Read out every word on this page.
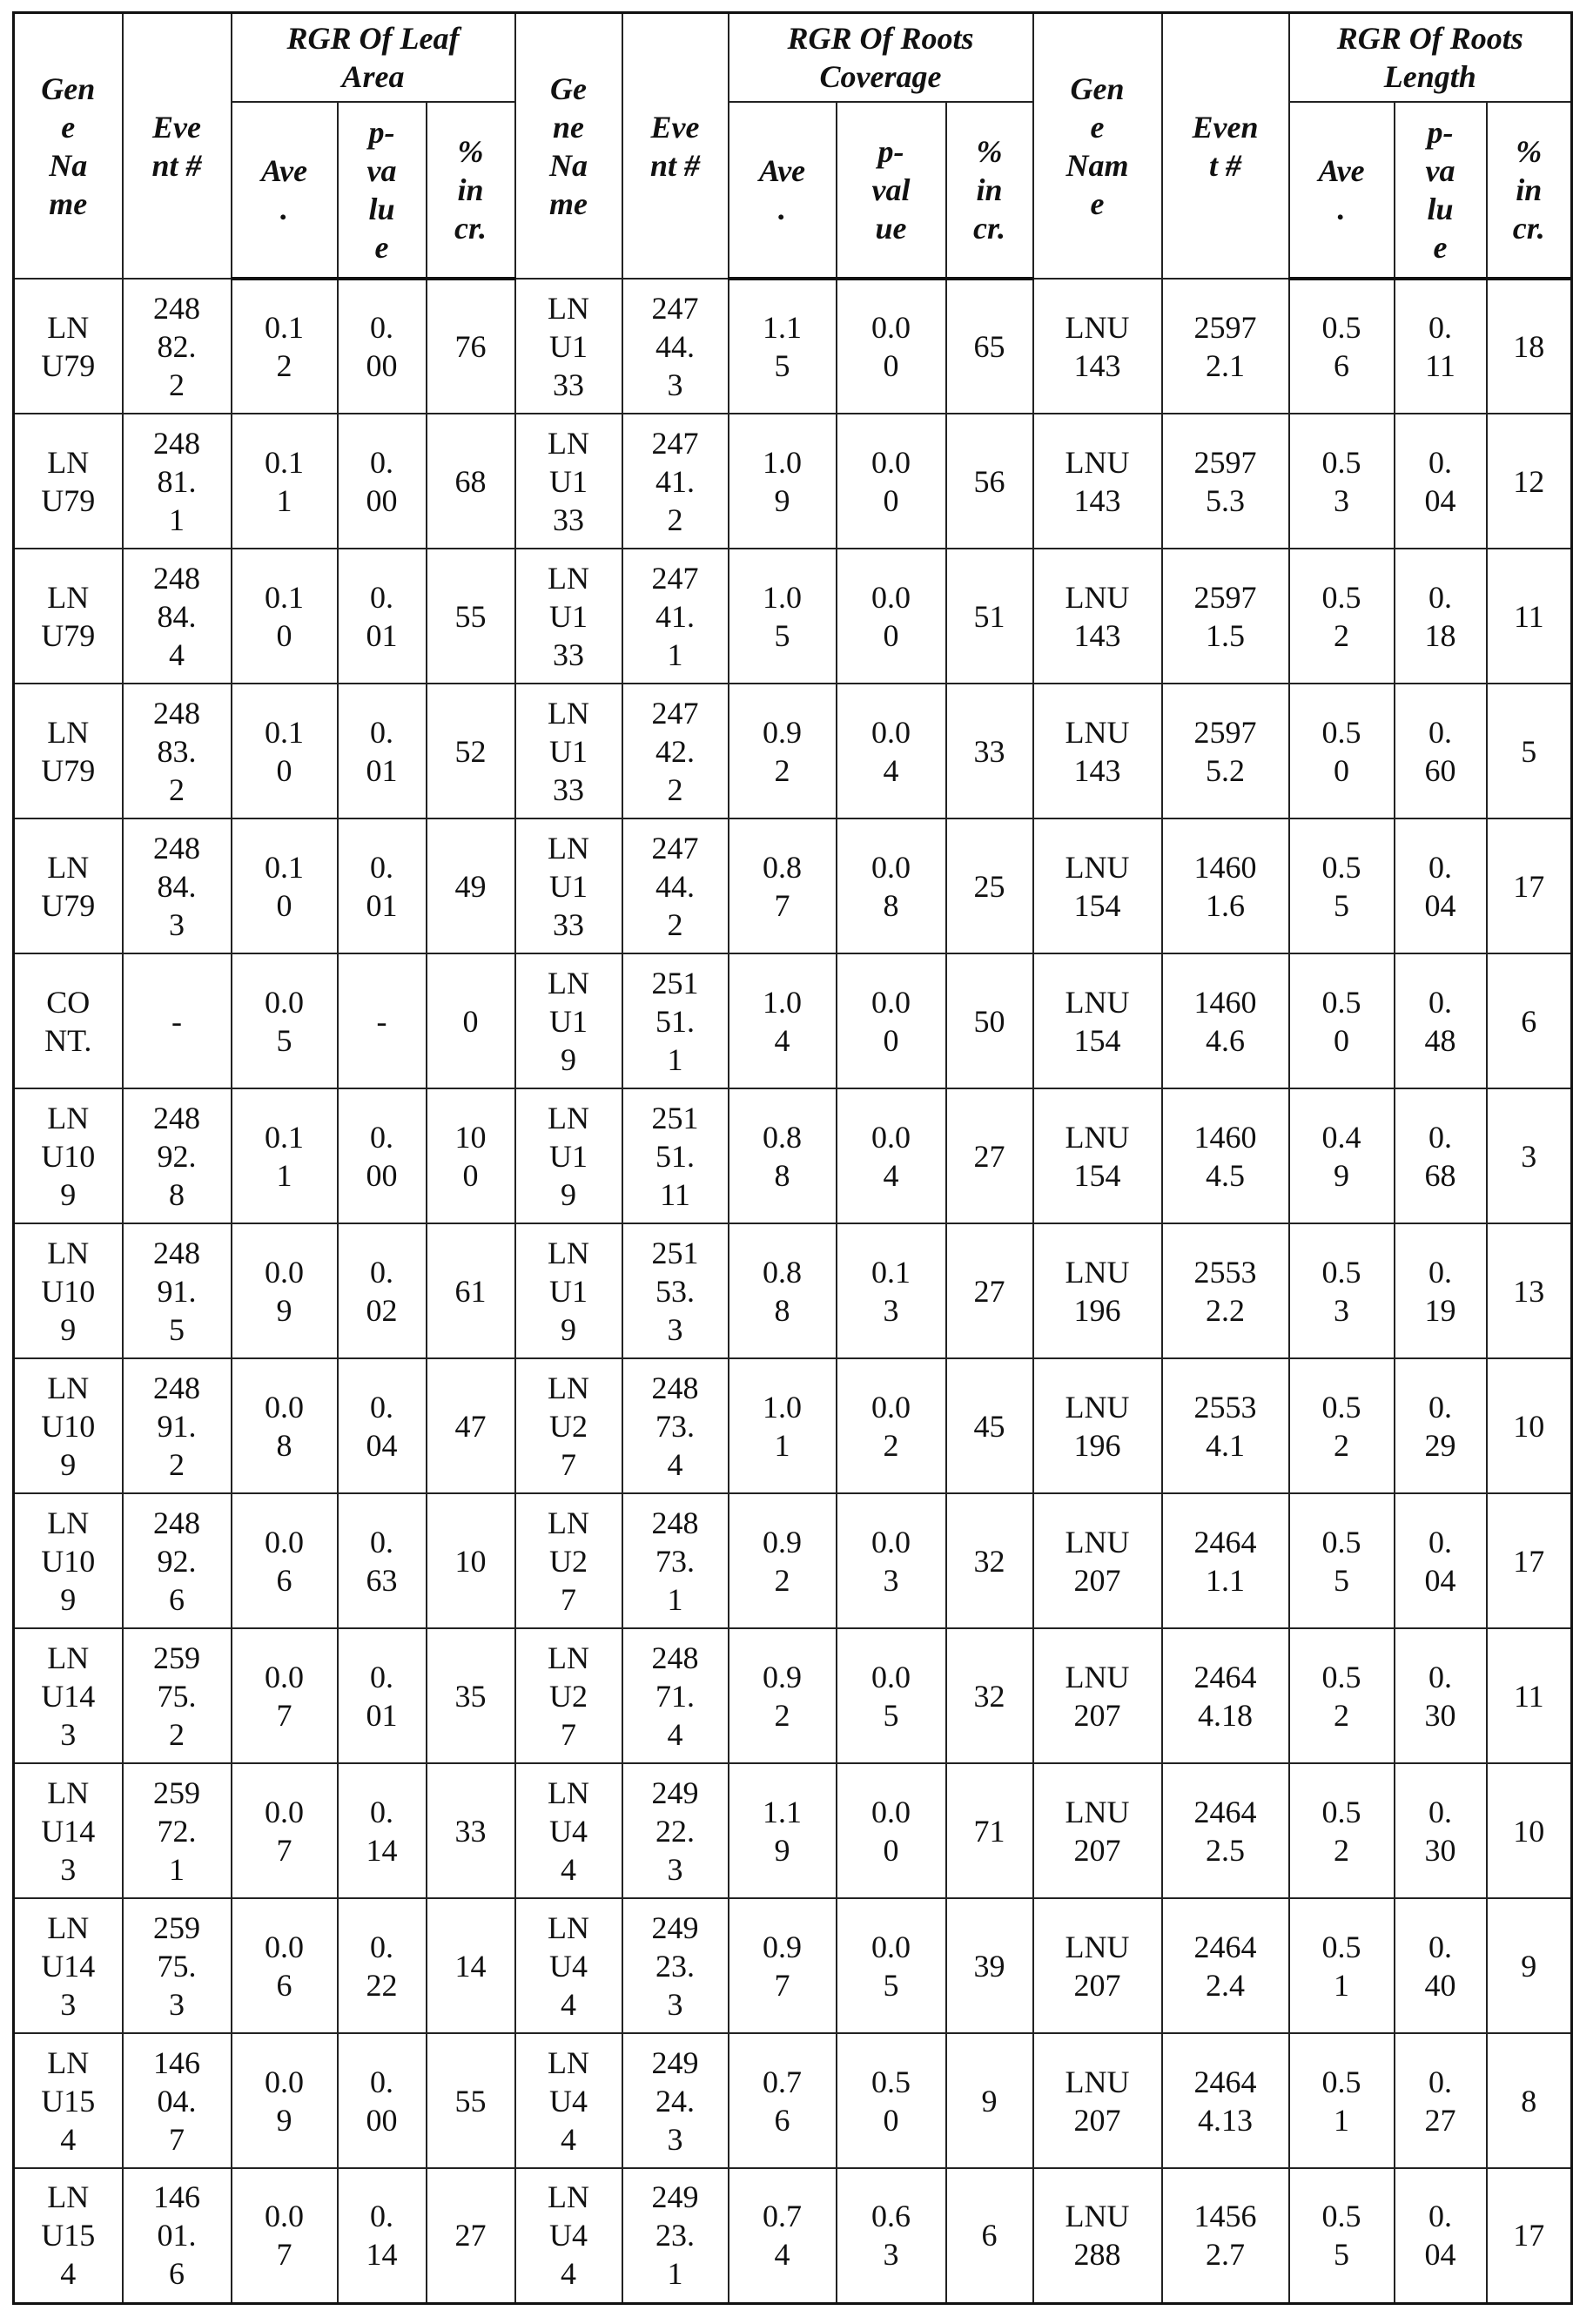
Gen
e
Na
me	Eve
nt #	RGR Of Leaf
Area	Ge
ne
Na
me	Eve
nt #	RGR Of Roots
Coverage	Gen
e
Nam
e	Even
t #	RGR Of Roots
Length
Ave
.	p-
va
lu
e	%
in
cr.	Ave
.	p-
val
ue	%
in
cr.	Ave
.	p-
va
lu
e	%
in
cr.
LN
U79	248
82.
2	0.1
2	0.
00	76	LN
U1
33	247
44.
3	1.1
5	0.0
0	65	LNU
143	2597
2.1	0.5
6	0.
11	18
LN
U79	248
81.
1	0.1
1	0.
00	68	LN
U1
33	247
41.
2	1.0
9	0.0
0	56	LNU
143	2597
5.3	0.5
3	0.
04	12
LN
U79	248
84.
4	0.1
0	0.
01	55	LN
U1
33	247
41.
1	1.0
5	0.0
0	51	LNU
143	2597
1.5	0.5
2	0.
18	11
LN
U79	248
83.
2	0.1
0	0.
01	52	LN
U1
33	247
42.
2	0.9
2	0.0
4	33	LNU
143	2597
5.2	0.5
0	0.
60	5
LN
U79	248
84.
3	0.1
0	0.
01	49	LN
U1
33	247
44.
2	0.8
7	0.0
8	25	LNU
154	1460
1.6	0.5
5	0.
04	17
CO
NT.	-	0.0
5	-	0	LN
U1
9	251
51.
1	1.0
4	0.0
0	50	LNU
154	1460
4.6	0.5
0	0.
48	6
LN
U10
9	248
92.
8	0.1
1	0.
00	10
0	LN
U1
9	251
51.
11	0.8
8	0.0
4	27	LNU
154	1460
4.5	0.4
9	0.
68	3
LN
U10
9	248
91.
5	0.0
9	0.
02	61	LN
U1
9	251
53.
3	0.8
8	0.1
3	27	LNU
196	2553
2.2	0.5
3	0.
19	13
LN
U10
9	248
91.
2	0.0
8	0.
04	47	LN
U2
7	248
73.
4	1.0
1	0.0
2	45	LNU
196	2553
4.1	0.5
2	0.
29	10
LN
U10
9	248
92.
6	0.0
6	0.
63	10	LN
U2
7	248
73.
1	0.9
2	0.0
3	32	LNU
207	2464
1.1	0.5
5	0.
04	17
LN
U14
3	259
75.
2	0.0
7	0.
01	35	LN
U2
7	248
71.
4	0.9
2	0.0
5	32	LNU
207	2464
4.18	0.5
2	0.
30	11
LN
U14
3	259
72.
1	0.0
7	0.
14	33	LN
U4
4	249
22.
3	1.1
9	0.0
0	71	LNU
207	2464
2.5	0.5
2	0.
30	10
LN
U14
3	259
75.
3	0.0
6	0.
22	14	LN
U4
4	249
23.
3	0.9
7	0.0
5	39	LNU
207	2464
2.4	0.5
1	0.
40	9
LN
U15
4	146
04.
7	0.0
9	0.
00	55	LN
U4
4	249
24.
3	0.7
6	0.5
0	9	LNU
207	2464
4.13	0.5
1	0.
27	8
LN
U15
4	146
01.
6	0.0
7	0.
14	27	LN
U4
4	249
23.
1	0.7
4	0.6
3	6	LNU
288	1456
2.7	0.5
5	0.
04	17
